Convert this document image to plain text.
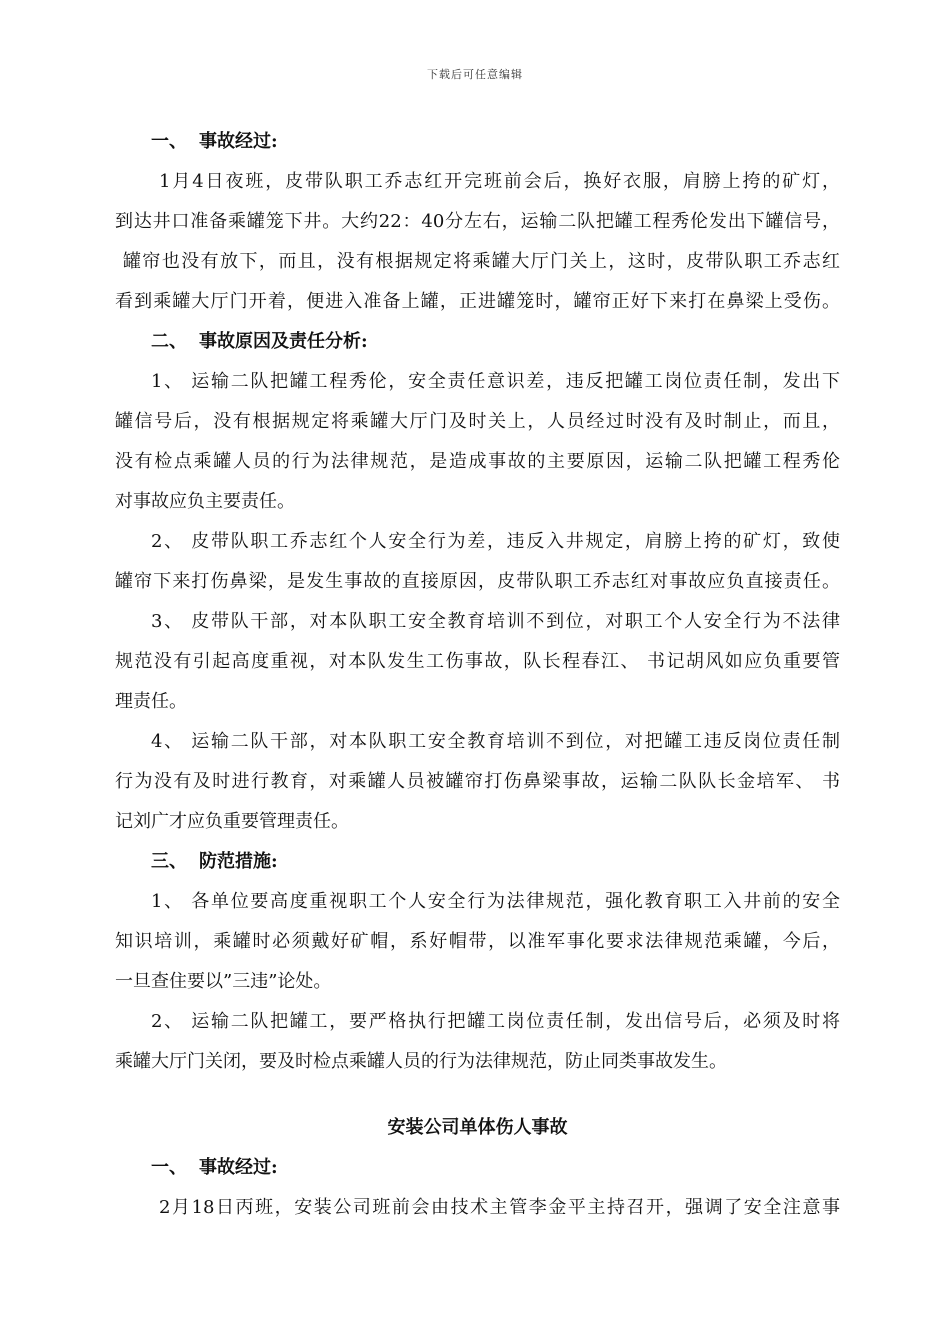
下载后可任意编辑
一、 事故经过:
1月4日夜班，皮带队职工乔志红开完班前会后，换好衣服，肩膀上挎的矿灯，
到达井口准备乘罐笼下井。大约22：40分左右，运输二队把罐工程秀伦发出下罐信号，
罐帘也没有放下，而且，没有根据规定将乘罐大厅门关上，这时，皮带队职工乔志红
看到乘罐大厅门开着，便进入准备上罐，正进罐笼时，罐帘正好下来打在鼻梁上受伤。
二、 事故原因及责任分析:
1、 运输二队把罐工程秀伦，安全责任意识差，违反把罐工岗位责任制，发出下
罐信号后，没有根据规定将乘罐大厅门及时关上，人员经过时没有及时制止，而且，
没有检点乘罐人员的行为法律规范，是造成事故的主要原因，运输二队把罐工程秀伦
对事故应负主要责任。
2、 皮带队职工乔志红个人安全行为差，违反入井规定，肩膀上挎的矿灯，致使
罐帘下来打伤鼻梁，是发生事故的直接原因，皮带队职工乔志红对事故应负直接责任。
3、 皮带队干部，对本队职工安全教育培训不到位，对职工个人安全行为不法律
规范没有引起高度重视，对本队发生工伤事故，队长程春江、 书记胡风如应负重要管
理责任。
4、 运输二队干部，对本队职工安全教育培训不到位，对把罐工违反岗位责任制
行为没有及时进行教育，对乘罐人员被罐帘打伤鼻梁事故，运输二队队长金培军、 书
记刘广才应负重要管理责任。
三、 防范措施:
1、 各单位要高度重视职工个人安全行为法律规范，强化教育职工入井前的安全
知识培训，乘罐时必须戴好矿帽，系好帽带，以准军事化要求法律规范乘罐，今后，
一旦查住要以”三违”论处。
2、 运输二队把罐工，要严格执行把罐工岗位责任制，发出信号后，必须及时将
乘罐大厅门关闭，要及时检点乘罐人员的行为法律规范，防止同类事故发生。
安装公司单体伤人事故
一、 事故经过:
2月18日丙班，安装公司班前会由技术主管李金平主持召开，强调了安全注意事
